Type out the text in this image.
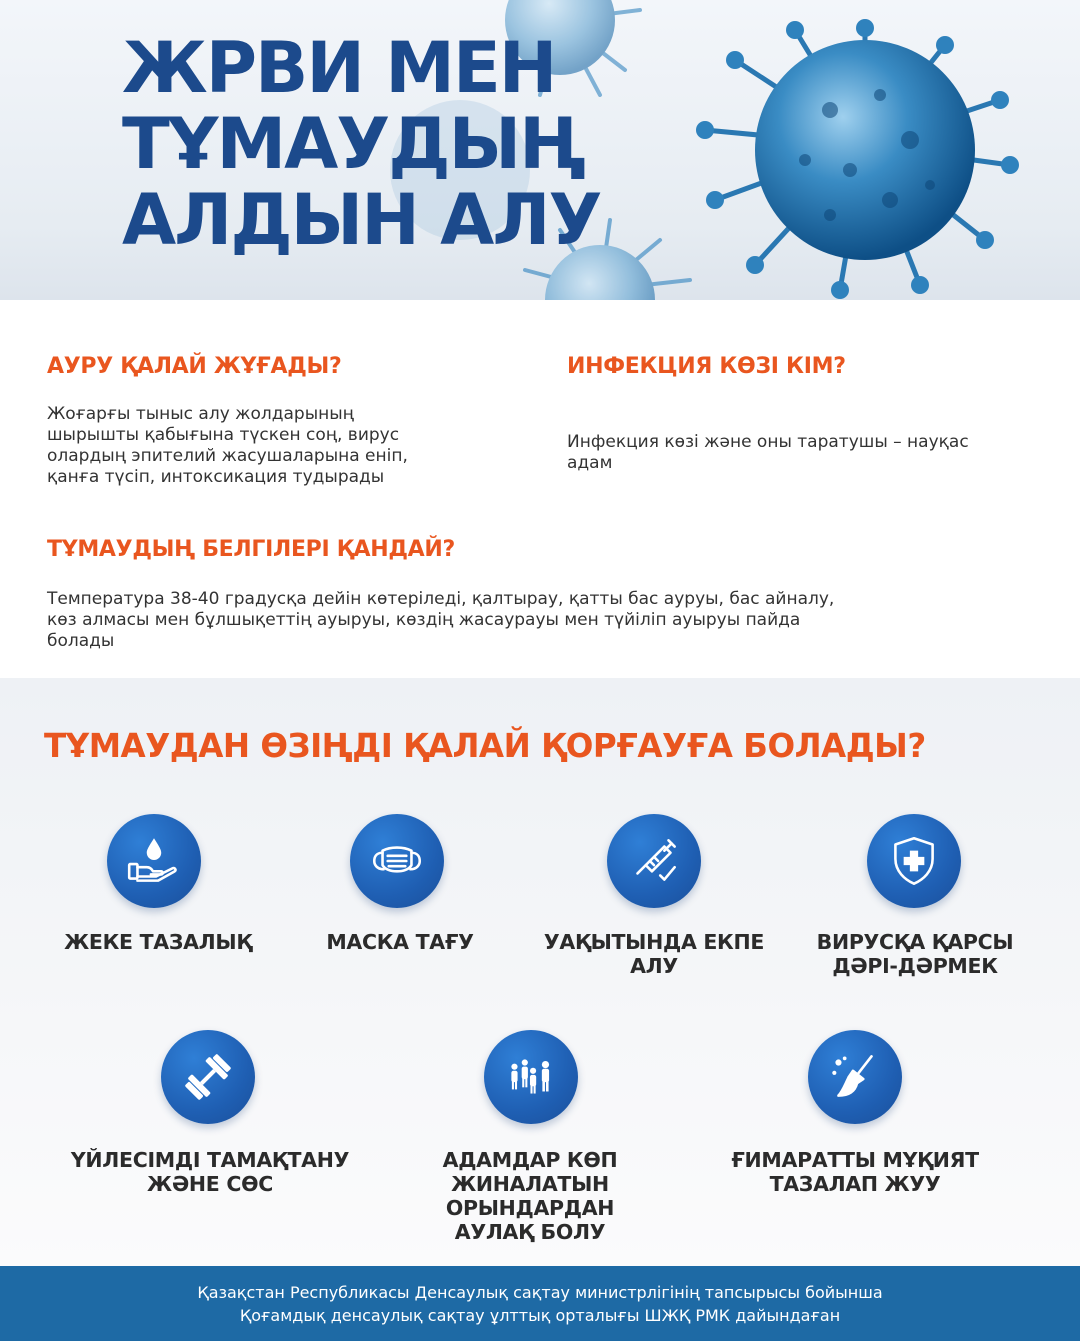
ЖРВИ МЕН
ТҰМАУДЫҢ
АЛДЫН АЛУ
АУРУ ҚАЛАЙ ЖҰҒАДЫ?
Жоғарғы тыныс алу жолдарының
шырышты қабығына түскен соң, вирус
олардың эпителий жасушаларына еніп,
қанға түсіп, интоксикация тудырады
ИНФЕКЦИЯ КӨЗІ КІМ?
Инфекция көзі және оны таратушы – науқас
адам
ТҰМАУДЫҢ БЕЛГІЛЕРІ ҚАНДАЙ?
Температура 38-40 градусқа дейін көтеріледі, қалтырау, қатты бас ауруы, бас айналу,
көз алмасы мен бұлшықеттің ауыруы, көздің жасаурауы мен түйіліп ауыруы пайда
болады
ТҰМАУДАН ӨЗІҢДІ ҚАЛАЙ ҚОРҒАУҒА БОЛАДЫ?
ЖЕКЕ ТАЗАЛЫҚ	МАСКА ТАҒУ	УАҚЫТЫНДА ЕКПЕ
АЛУ
ВИРУСҚА ҚАРСЫ
ДӘРІ-ДӘРМЕК
ҮЙЛЕСІМДІ ТАМАҚТАНУ
ЖӘНЕ СӨС
АДАМДАР КӨП
ЖИНАЛАТЫН
ОРЫНДАРДАН
АУЛАҚ БОЛУ
ҒИМАРАТТЫ МҰҚИЯТ
ТАЗАЛАП ЖУУ
Қазақстан Республикасы Денсаулық сақтау министрлігінің тапсырысы бойынша
Қоғамдық денсаулық сақтау ұлттық орталығы ШЖҚ РМК дайындаған
